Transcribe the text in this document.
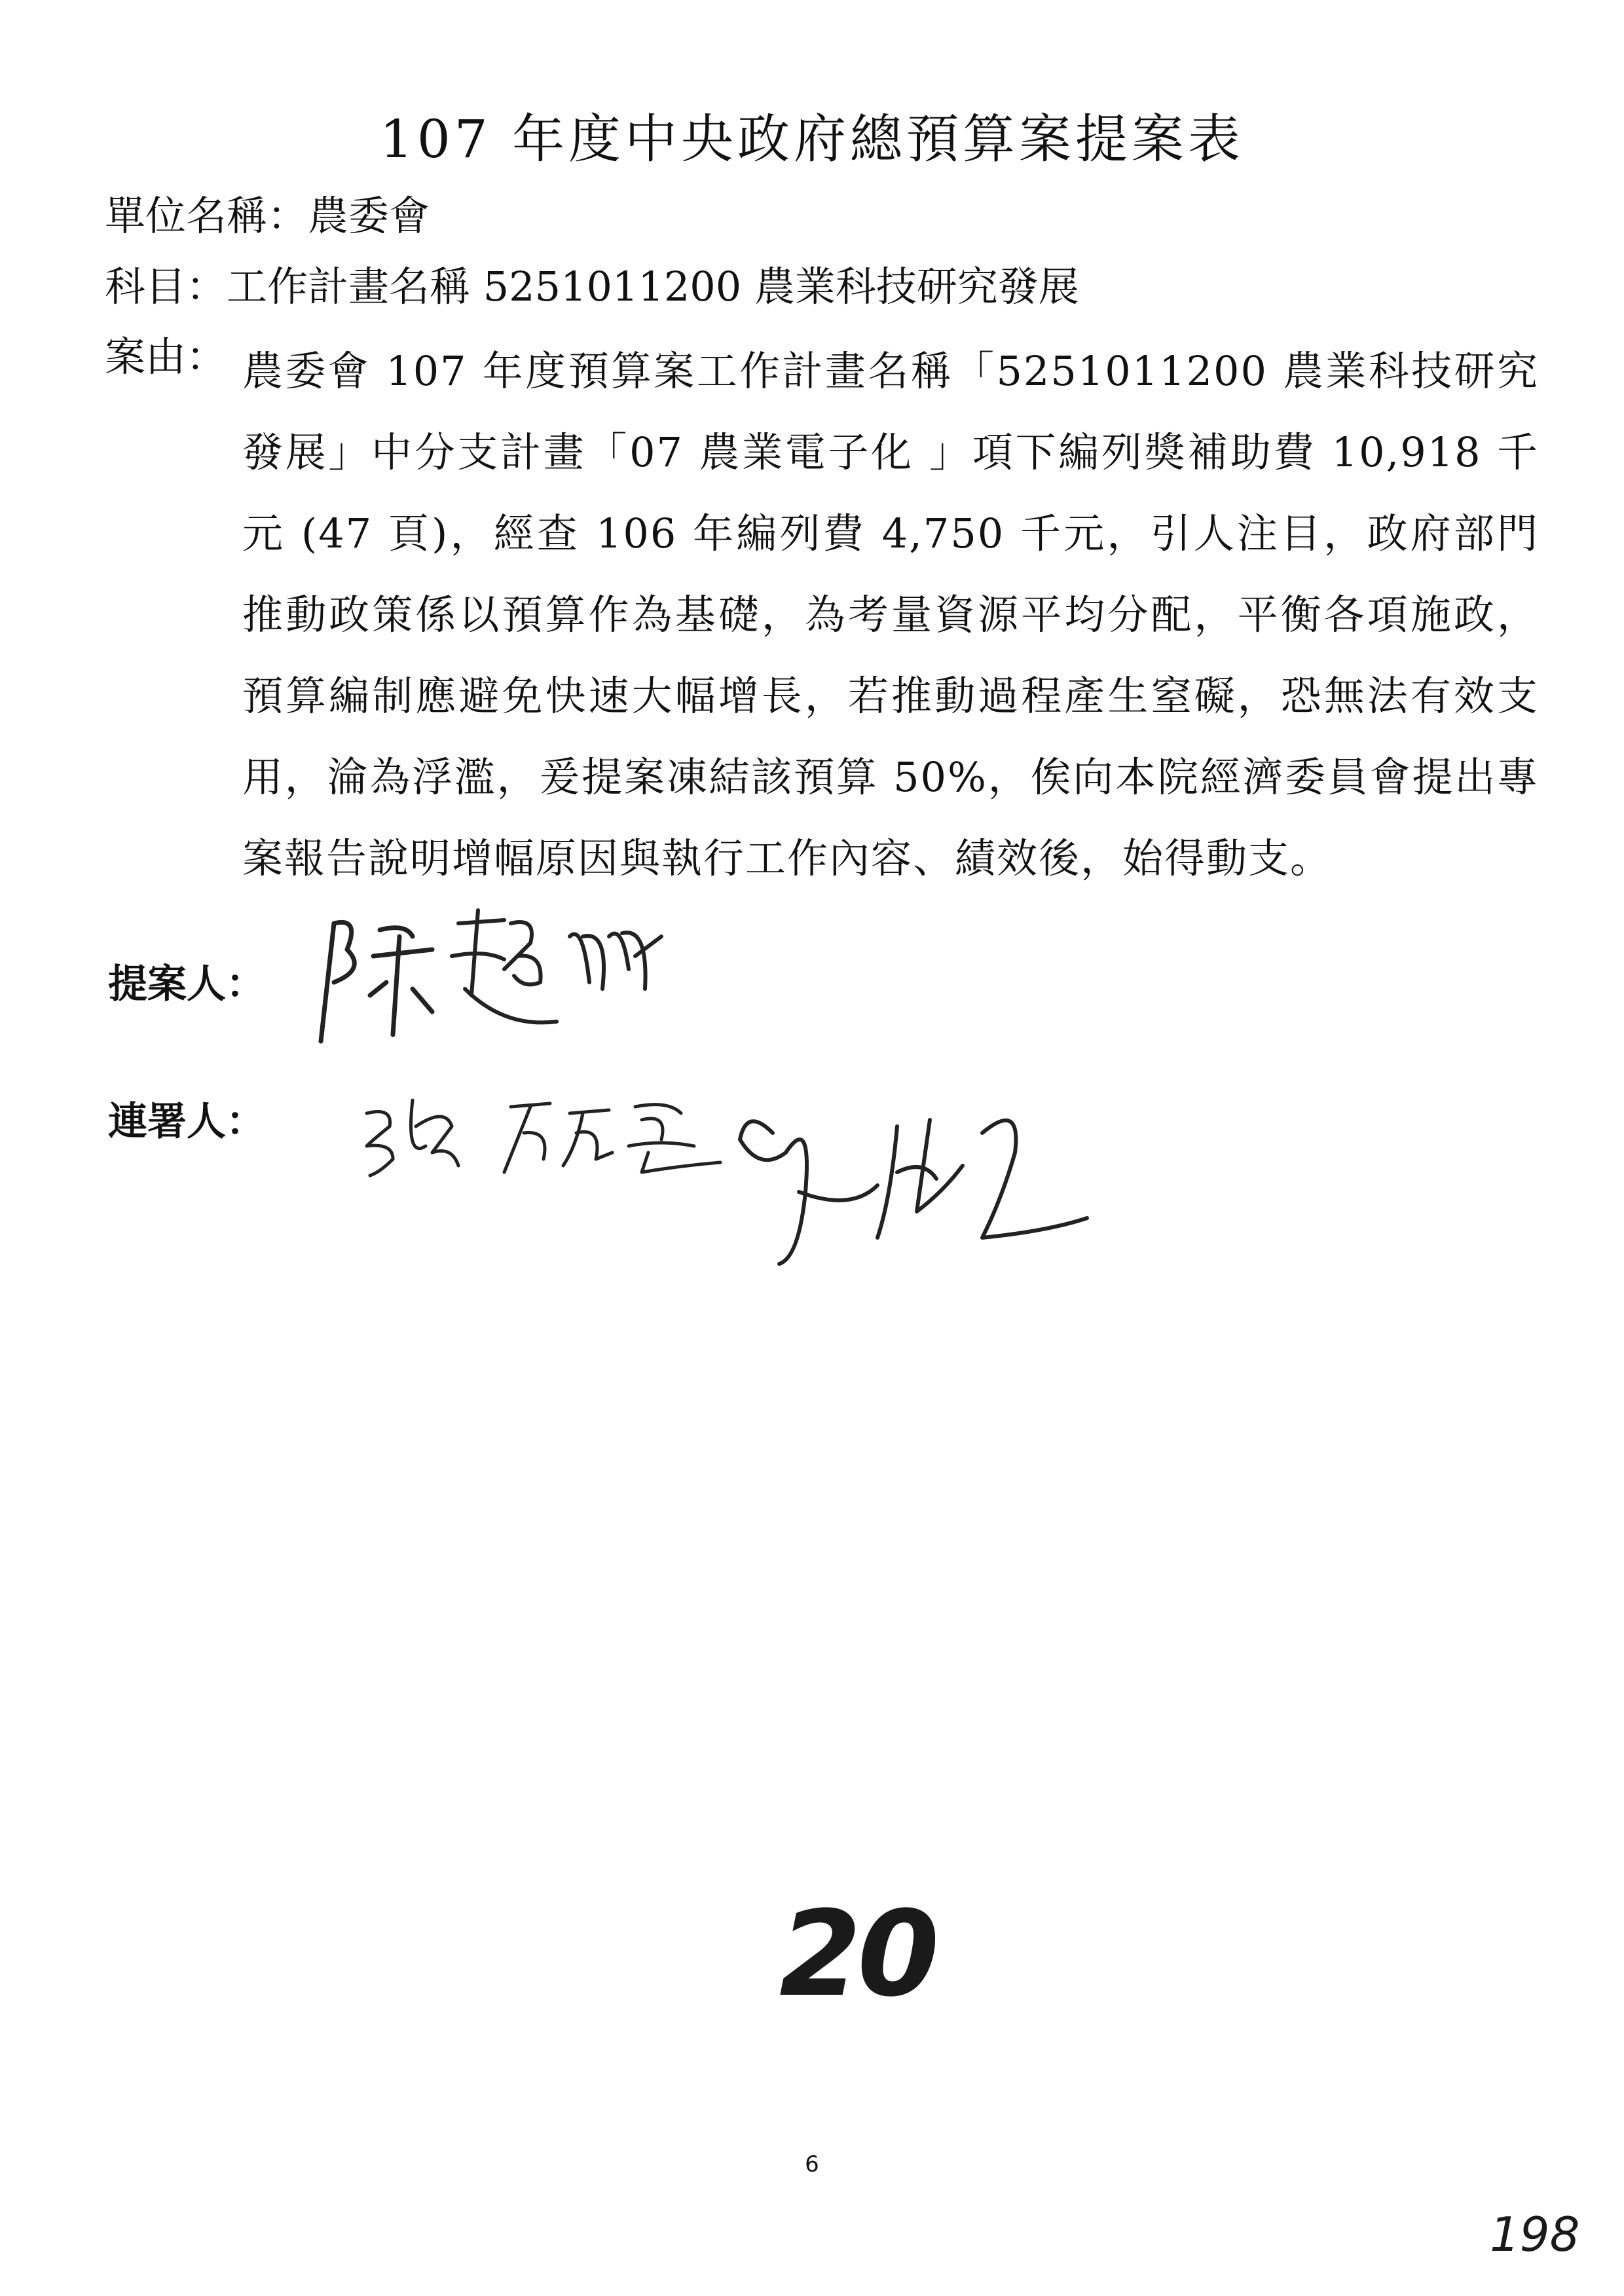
107 年度中央政府總預算案提案表
單位名稱：農委會
科目：工作計畫名稱 5251011200 農業科技研究發展
案由： 農委會 107 年度預算案工作計畫名稱「5251011200 農業科技研究發展」中分支計畫「07 農業電子化 」項下編列獎補助費 10,918 千元 (47 頁)，經查 106 年編列費 4,750 千元，引人注目，政府部門推動政策係以預算作為基礎，為考量資源平均分配，平衡各項施政，預算編制應避免快速大幅增長，若推動過程產生窒礙，恐無法有效支用，淪為浮濫，爰提案凍結該預算 50%，俟向本院經濟委員會提出專案報告說明增幅原因與執行工作內容、績效後，始得動支。
提案人：
連署人：
20
6
198
